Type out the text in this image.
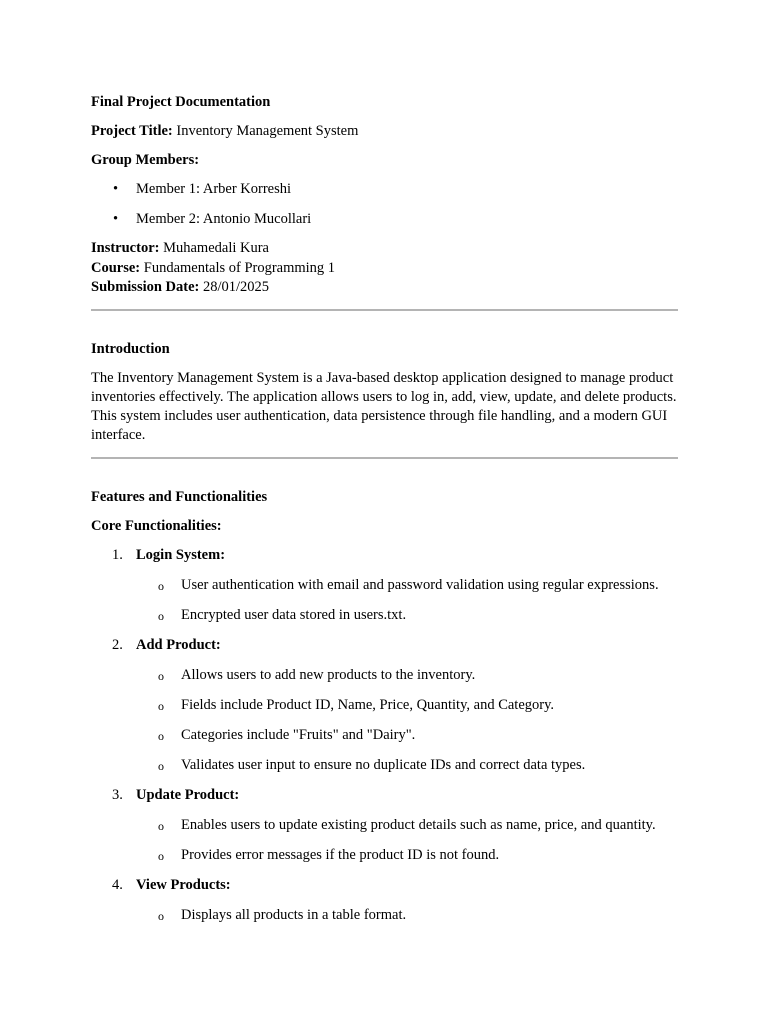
Final Project Documentation

Project Title: Inventory Management System

Group Members:

• Member 1: Arber Korreshi
• Member 2: Antonio Mucollari

Instructor: Muhamedali Kura

Course: Fundamentals of Programming 1

Submission Date: 28/01/2025

Introduction

The Inventory Management System is a Java-based desktop application designed to manage product inventories effectively. The application allows users to log in, add, view, update, and delete products. This system includes user authentication, data persistence through file handling, and a modern GUI interface.

Features and Functionalities

Core Functionalities:

1. Login System:

o User authentication with email and password validation using regular expressions.
o Encrypted user data stored in users.txt.
2. Add Product:

o Allows users to add new products to the inventory.
o Fields include Product ID, Name, Price, Quantity, and Category.
o Categories include "Fruits" and "Dairy".
o Validates user input to ensure no duplicate IDs and correct data types.
3. Update Product:

o Enables users to update existing product details such as name, price, and quantity.
o Provides error messages if the product ID is not found.
4. View Products:

o Displays all products in a table format.
